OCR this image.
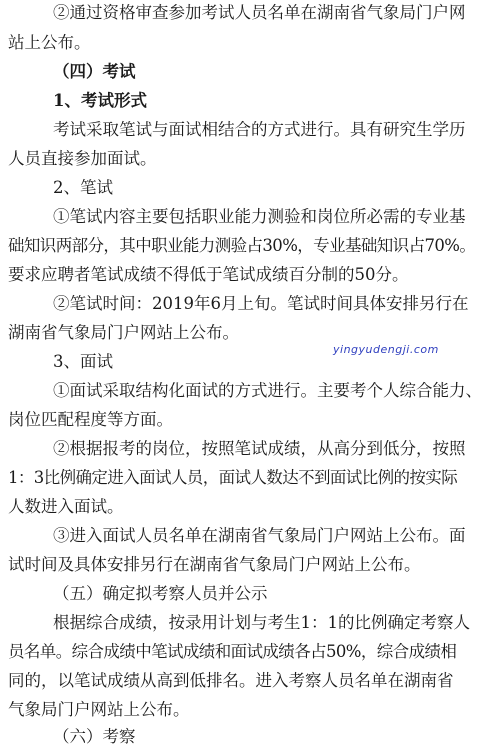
②通过资格审查参加考试人员名单在湖南省气象局门户网
站上公布。
（四）考试
1、考试形式
考试采取笔试与面试相结合的方式进行。具有研究生学历
人员直接参加面试。
2、笔试
①笔试内容主要包括职业能力测验和岗位所必需的专业基
础知识两部分，其中职业能力测验占30%，专业基础知识占70%。
要求应聘者笔试成绩不得低于笔试成绩百分制的50分。
②笔试时间：2019年6月上旬。笔试时间具体安排另行在
湖南省气象局门户网站上公布。
3、面试
①面试采取结构化面试的方式进行。主要考个人综合能力、
岗位匹配程度等方面。
②根据报考的岗位，按照笔试成绩，从高分到低分，按照
1：3比例确定进入面试人员，面试人数达不到面试比例的按实际
人数进入面试。
③进入面试人员名单在湖南省气象局门户网站上公布。面
试时间及具体安排另行在湖南省气象局门户网站上公布。
（五）确定拟考察人员并公示
根据综合成绩，按录用计划与考生1：1的比例确定考察人
员名单。综合成绩中笔试成绩和面试成绩各占50%，综合成绩相
同的，以笔试成绩从高到低排名。进入考察人员名单在湖南省
气象局门户网站上公布。
（六）考察
yingyudengji.com
